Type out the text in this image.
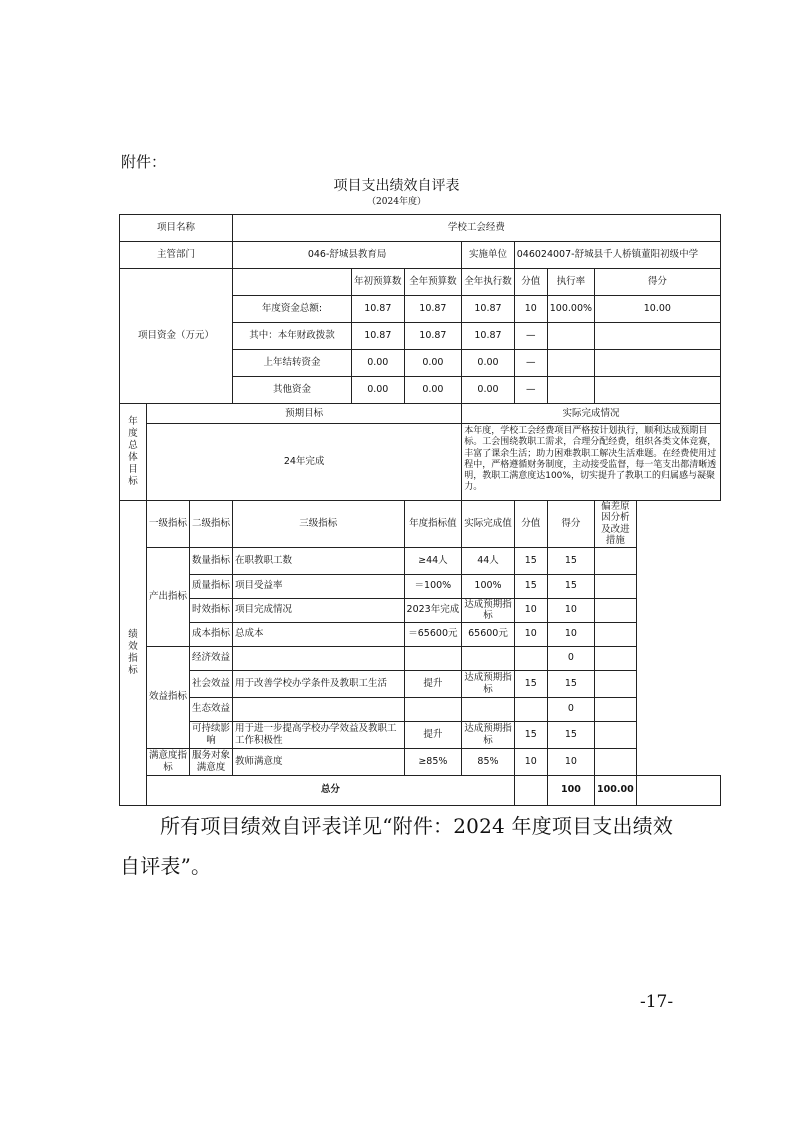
附件：
项目支出绩效自评表
（2024年度）
项目名称			学校工会经费							
主管部门			046-舒城县教育局			实施单位	046024007-舒城县千人桥镇董阳初级中学			
项目资金（万元）				年初预算数	全年预算数	全年执行数	分值	执行率	得分	
			年度资金总额:	10.87	10.87	10.87	10	100.00%	10.00	
			其中：本年财政拨款	10.87	10.87	10.87	—			
			上年结转资金	0.00	0.00	0.00	—			
			其他资金	0.00	0.00	0.00	—			

年度总体目标	预期目标					实际完成情况				
	24年完成					本年度，学校工会经费项目严格按计划执行，顺利达成预期目标。工会围绕教职工需求，合理分配经费，组织各类文体竞赛，丰富了课余生活；助力困难教职工解决生活难题。在经费使用过程中，严格遵循财务制度，主动接受监督，每一笔支出都清晰透明，教职工满意度达100%，切实提升了教职工的归属感与凝聚力。				

绩效指标	一级指标	二级指标	三级指标		年度指标值	实际完成值	分值	得分	偏差原因分析及改进措施	
	产出指标	数量指标	在职教职工数		≥44人	44人	15	15		
		质量指标	项目受益率		＝100%	100%	15	15		
		时效指标	项目完成情况		2023年完成	达成预期指标	10	10		
		成本指标	总成本		＝65600元	65600元	10	10		
	效益指标	经济效益						0		
		社会效益	用于改善学校办学条件及教职工生活		提升	达成预期指标	15	15		
		生态效益						0		
		可持续影响	用于进一步提高学校办学效益及教职工工作积极性		提升	达成预期指标	15	15		
	满意度指标	服务对象满意度	教师满意度		≥85%	85%	10	10		
	总分							100	100.00	
所有项目绩效自评表详见“附件：2024 年度项目支出绩效自评表”。
-17-
